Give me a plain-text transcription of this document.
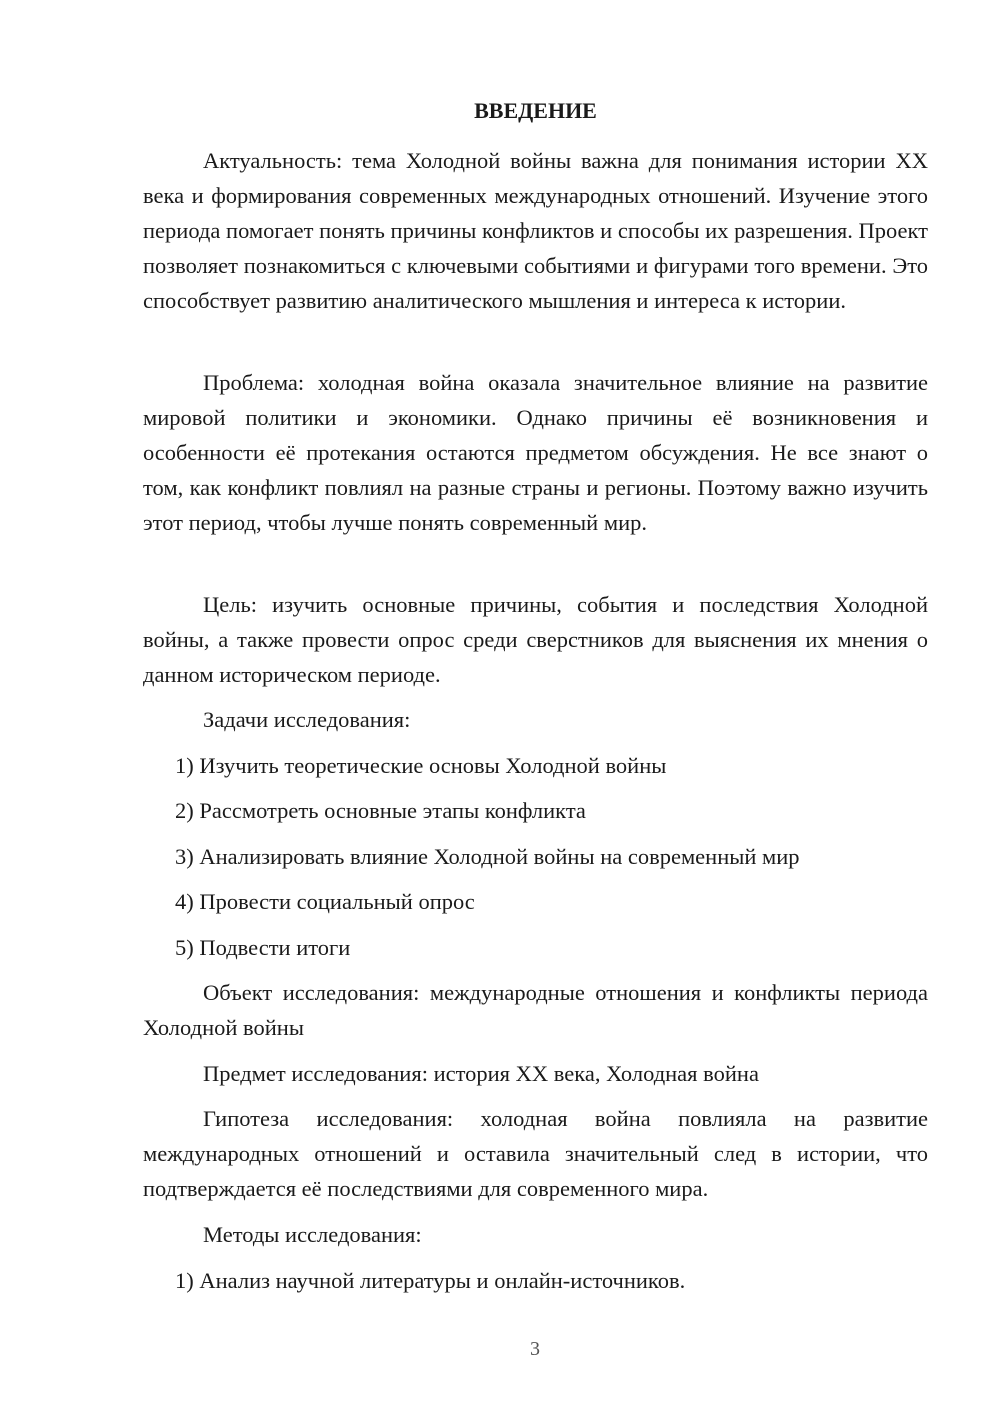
ВВЕДЕНИЕ

Актуальность: тема Холодной войны важна для понимания истории XX века и формирования современных международных отношений. Изучение этого периода помогает понять причины конфликтов и способы их разрешения. Проект позволяет познакомиться с ключевыми событиями и фигурами того времени. Это способствует развитию аналитического мышления и интереса к истории.

Проблема: холодная война оказала значительное влияние на развитие мировой политики и экономики. Однако причины её возникновения и особенности её протекания остаются предметом обсуждения. Не все знают о том, как конфликт повлиял на разные страны и регионы. Поэтому важно изучить этот период, чтобы лучше понять современный мир.

Цель: изучить основные причины, события и последствия Холодной войны, а также провести опрос среди сверстников для выяснения их мнения о данном историческом периоде.

Задачи исследования:

1) Изучить теоретические основы Холодной войны

2) Рассмотреть основные этапы конфликта

3) Анализировать влияние Холодной войны на современный мир

4) Провести социальный опрос

5) Подвести итоги

Объект исследования: международные отношения и конфликты периода Холодной войны

Предмет исследования: история XX века, Холодная война

Гипотеза исследования: холодная война повлияла на развитие международных отношений и оставила значительный след в истории, что подтверждается её последствиями для современного мира.

Методы исследования:

1) Анализ научной литературы и онлайн-источников.

3
